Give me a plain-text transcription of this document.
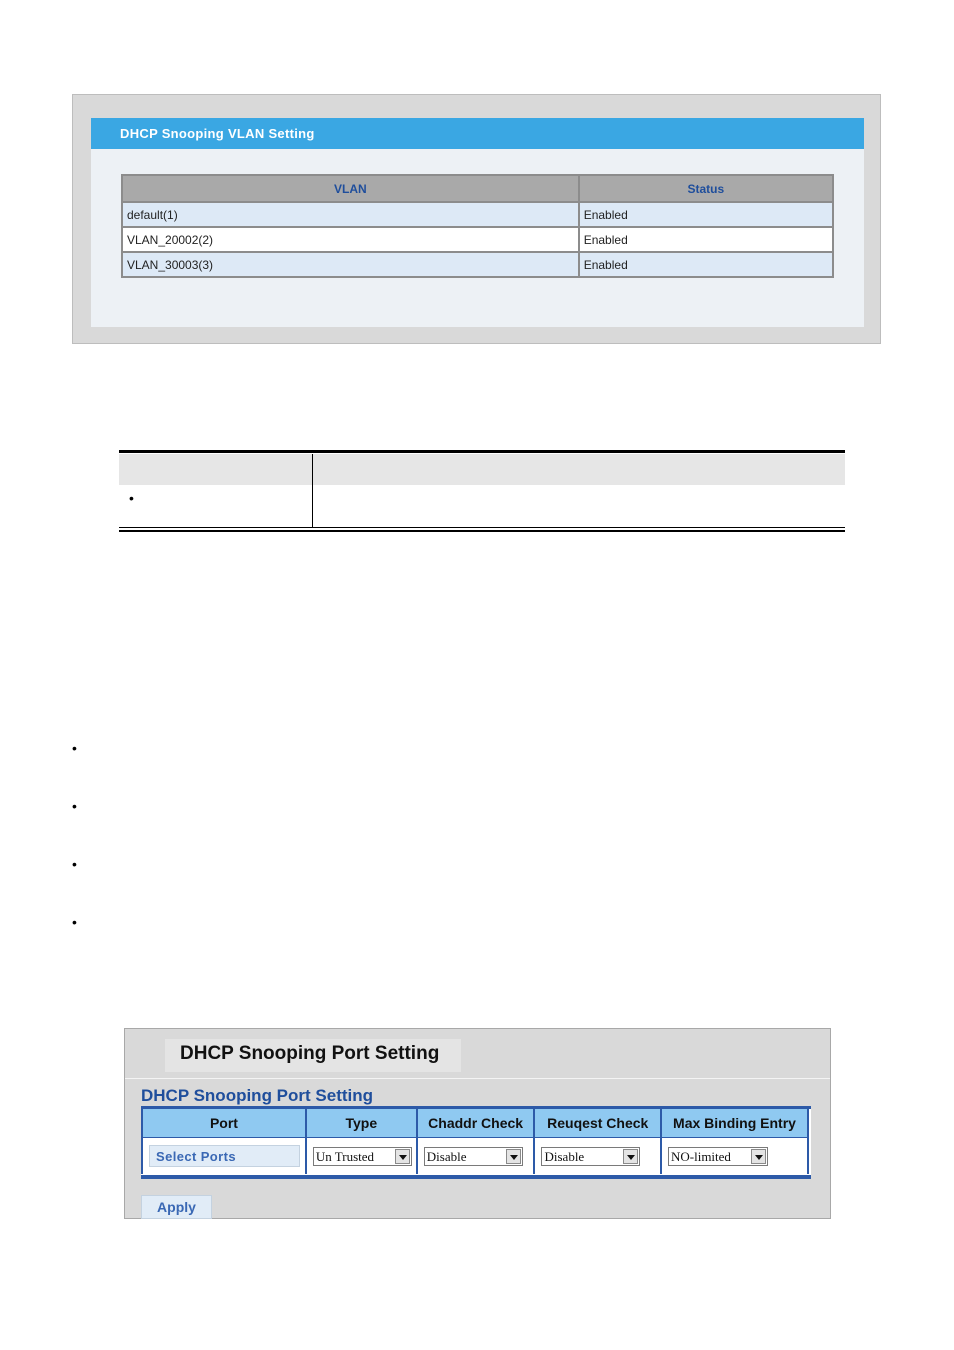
DHCP Snooping VLAN Setting
VLAN	Status
default(1)	Enabled
VLAN_20002(2)	Enabled
VLAN_30003(3)	Enabled
•
•
•
•
•
DHCP Snooping Port Setting
DHCP Snooping Port Setting
Port	Type	Chaddr Check	Reuqest Check	Max Binding Entry
Select Ports	Un Trusted	Disable	Disable	NO-limited
Apply
